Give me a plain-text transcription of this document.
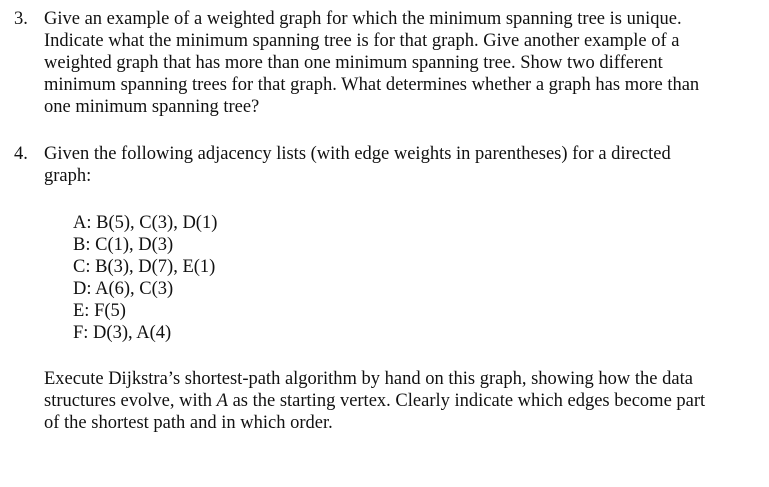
3. Give an example of a weighted graph for which the minimum spanning tree is unique.
Indicate what the minimum spanning tree is for that graph. Give another example of a
weighted graph that has more than one minimum spanning tree. Show two different
minimum spanning trees for that graph. What determines whether a graph has more than
one minimum spanning tree?
4. Given the following adjacency lists (with edge weights in parentheses) for a directed
graph:
A: B(5), C(3), D(1)
B: C(1), D(3)
C: B(3), D(7), E(1)
D: A(6), C(3)
E: F(5)
F: D(3), A(4)
Execute Dijkstra’s shortest-path algorithm by hand on this graph, showing how the data
structures evolve, with A as the starting vertex. Clearly indicate which edges become part
of the shortest path and in which order.
